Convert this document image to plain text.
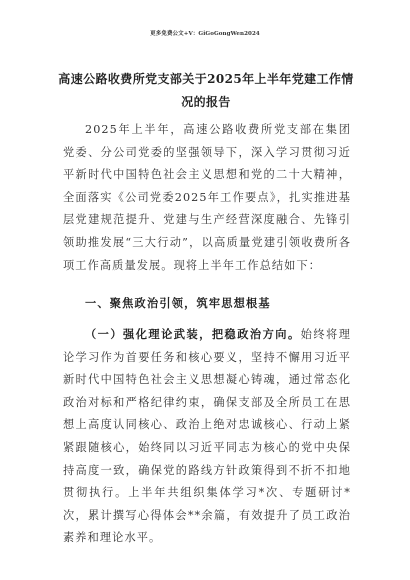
更多免费公文+V：GiGoGongWen2024
高速公路收费所党支部关于2025年上半年党建工作情况的报告

2025年上半年，高速公路收费所党支部在集团党委、分公司党委的坚强领导下，深入学习贯彻习近平新时代中国特色社会主义思想和党的二十大精神，全面落实《公司党委2025年工作要点》，扎实推进基层党建规范提升、党建与生产经营深度融合、先锋引领助推发展“三大行动”，以高质量党建引领收费所各项工作高质量发展。现将上半年工作总结如下：

一、聚焦政治引领，筑牢思想根基

（一）强化理论武装，把稳政治方向。始终将理论学习作为首要任务和核心要义，坚持不懈用习近平新时代中国特色社会主义思想凝心铸魂，通过常态化政治对标和严格纪律约束，确保支部及全所员工在思想上高度认同核心、政治上绝对忠诚核心、行动上紧紧跟随核心，始终同以习近平同志为核心的党中央保持高度一致，确保党的路线方针政策得到不折不扣地贯彻执行。上半年共组织集体学习*次、专题研讨*次，累计撰写心得体会**余篇，有效提升了员工政治素养和理论水平。
